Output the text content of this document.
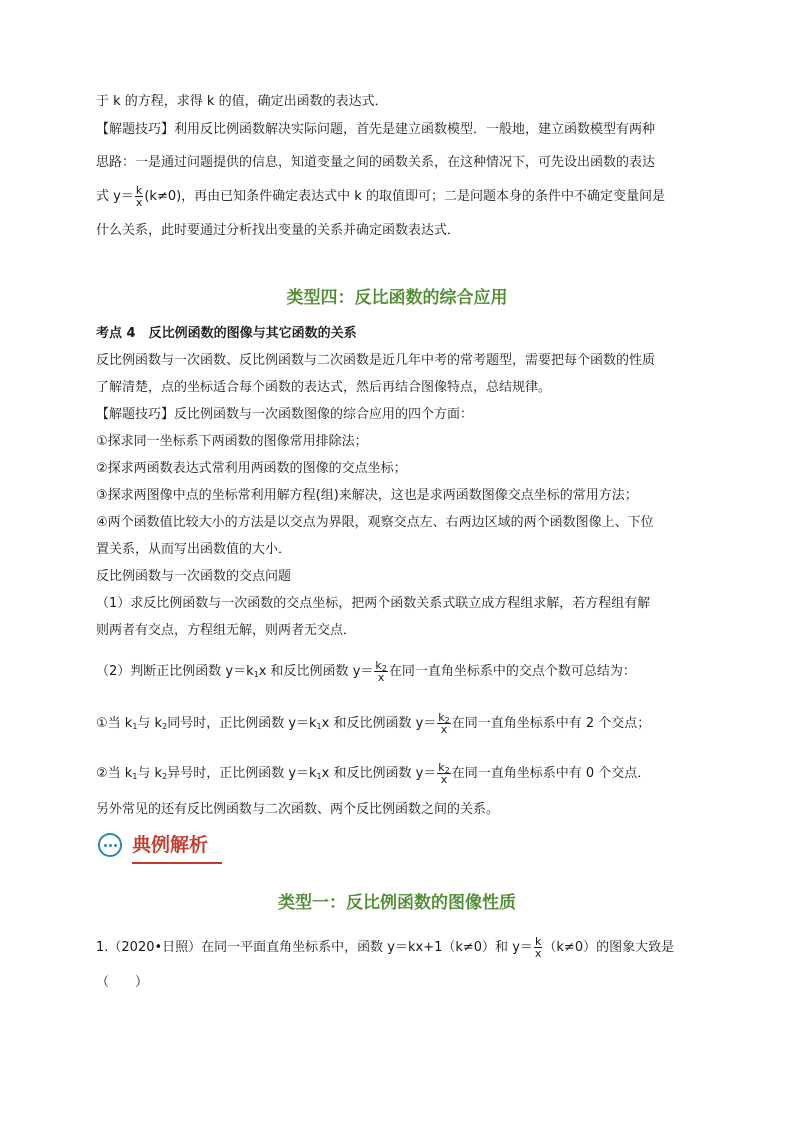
于 k 的方程，求得 k 的值，确定出函数的表达式．
【解题技巧】利用反比例函数解决实际问题，首先是建立函数模型．一般地，建立函数模型有两种
思路：一是通过问题提供的信息，知道变量之间的函数关系，在这种情况下，可先设出函数的表达
式 $y= \frac{k}{x} (k\ne 0)$，再由已知条件确定表达式中 k 的取值即可；二是问题本身的条件中不确定变量间是
什么关系，此时要通过分析找出变量的关系并确定函数表达式．
类型四：反比函数的综合应用
考点 4　反比例函数的图像与其它函数的关系
反比例函数与一次函数、反比例函数与二次函数是近几年中考的常考题型，需要把每个函数的性质
了解清楚，点的坐标适合每个函数的表达式，然后再结合图像特点，总结规律。
【解题技巧】反比例函数与一次函数图像的综合应用的四个方面：
①探求同一坐标系下两函数的图像常用排除法；
②探求两函数表达式常利用两函数的图像的交点坐标；
③探求两图像中点的坐标常利用解方程(组)来解决，这也是求两函数图像交点坐标的常用方法；
④两个函数值比较大小的方法是以交点为界限，观察交点左、右两边区域的两个函数图像上、下位
置关系，从而写出函数值的大小．
反比例函数与一次函数的交点问题
（1）求反比例函数与一次函数的交点坐标，把两个函数关系式联立成方程组求解，若方程组有解
则两者有交点，方程组无解，则两者无交点．
（2）判断正比例函数 $y=k_1x$ 和反比例函数 $y= \frac{k_2}{x}$ 在同一直角坐标系中的交点个数可总结为：
①当 $k_1$与 $k_2$同号时，正比例函数 $y=k_1x$ 和反比例函数 $y= \frac{k_2}{x}$ 在同一直角坐标系中有 2 个交点；
②当 $k_1$与 $k_2$异号时，正比例函数 $y=k_1x$ 和反比例函数 $y= \frac{k_2}{x}$ 在同一直角坐标系中有 0 个交点．
另外常见的还有反比例函数与二次函数、两个反比例函数之间的关系。
典例解析
类型一：反比例函数的图像性质
1.（2020•日照）在同一平面直角坐标系中，函数 y＝kx+1（k≠0）和 $y= \frac{k}{x} (k\ne 0)$的图象大致是
（　　）
